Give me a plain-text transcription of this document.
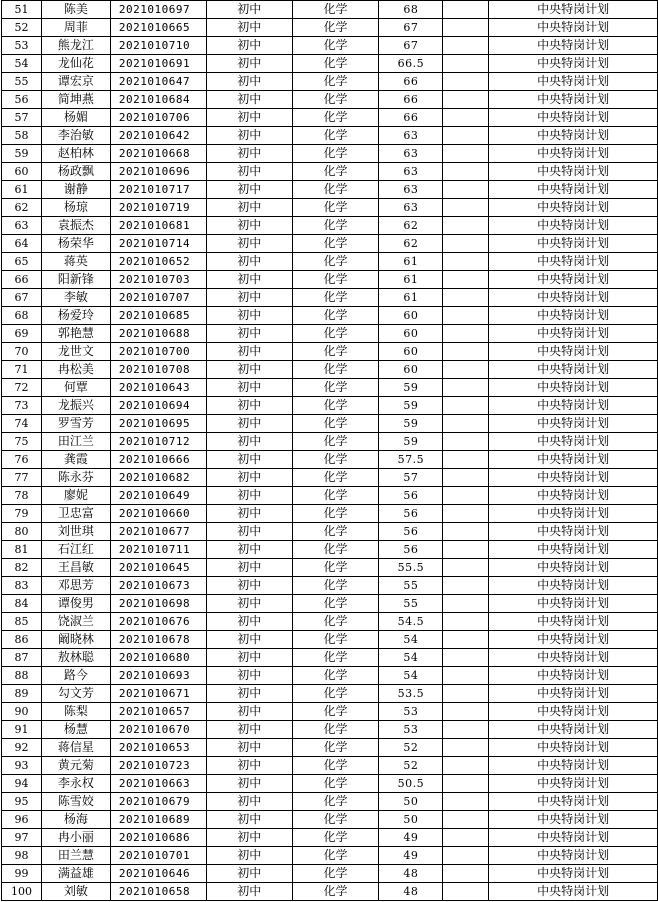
51	陈美	2021010697	初中	化学	68		中央特岗计划
52	周菲	2021010665	初中	化学	67		中央特岗计划
53	熊龙江	2021010710	初中	化学	67		中央特岗计划
54	龙仙花	2021010691	初中	化学	66.5		中央特岗计划
55	谭宏京	2021010647	初中	化学	66		中央特岗计划
56	简坤燕	2021010684	初中	化学	66		中央特岗计划
57	杨媚	2021010706	初中	化学	66		中央特岗计划
58	李治敏	2021010642	初中	化学	63		中央特岗计划
59	赵柏林	2021010668	初中	化学	63		中央特岗计划
60	杨政飘	2021010696	初中	化学	63		中央特岗计划
61	谢静	2021010717	初中	化学	63		中央特岗计划
62	杨琼	2021010719	初中	化学	63		中央特岗计划
63	袁振杰	2021010681	初中	化学	62		中央特岗计划
64	杨荣华	2021010714	初中	化学	62		中央特岗计划
65	蒋英	2021010652	初中	化学	61		中央特岗计划
66	阳新锋	2021010703	初中	化学	61		中央特岗计划
67	李敏	2021010707	初中	化学	61		中央特岗计划
68	杨爱玲	2021010685	初中	化学	60		中央特岗计划
69	郭艳慧	2021010688	初中	化学	60		中央特岗计划
70	龙世文	2021010700	初中	化学	60		中央特岗计划
71	冉松美	2021010708	初中	化学	60		中央特岗计划
72	何覃	2021010643	初中	化学	59		中央特岗计划
73	龙振兴	2021010694	初中	化学	59		中央特岗计划
74	罗雪芳	2021010695	初中	化学	59		中央特岗计划
75	田江兰	2021010712	初中	化学	59		中央特岗计划
76	龚霞	2021010666	初中	化学	57.5		中央特岗计划
77	陈永芬	2021010682	初中	化学	57		中央特岗计划
78	廖妮	2021010649	初中	化学	56		中央特岗计划
79	卫忠富	2021010660	初中	化学	56		中央特岗计划
80	刘世琪	2021010677	初中	化学	56		中央特岗计划
81	石江红	2021010711	初中	化学	56		中央特岗计划
82	王昌敏	2021010645	初中	化学	55.5		中央特岗计划
83	邓思芳	2021010673	初中	化学	55		中央特岗计划
84	谭俊男	2021010698	初中	化学	55		中央特岗计划
85	饶淑兰	2021010676	初中	化学	54.5		中央特岗计划
86	阚晓林	2021010678	初中	化学	54		中央特岗计划
87	敖林聪	2021010680	初中	化学	54		中央特岗计划
88	路今	2021010693	初中	化学	54		中央特岗计划
89	勾文芳	2021010671	初中	化学	53.5		中央特岗计划
90	陈梨	2021010657	初中	化学	53		中央特岗计划
91	杨慧	2021010670	初中	化学	53		中央特岗计划
92	蒋信星	2021010653	初中	化学	52		中央特岗计划
93	黄元菊	2021010723	初中	化学	52		中央特岗计划
94	李永权	2021010663	初中	化学	50.5		中央特岗计划
95	陈雪姣	2021010679	初中	化学	50		中央特岗计划
96	杨海	2021010689	初中	化学	50		中央特岗计划
97	冉小丽	2021010686	初中	化学	49		中央特岗计划
98	田兰慧	2021010701	初中	化学	49		中央特岗计划
99	满益雄	2021010646	初中	化学	48		中央特岗计划
100	刘敏	2021010658	初中	化学	48		中央特岗计划
